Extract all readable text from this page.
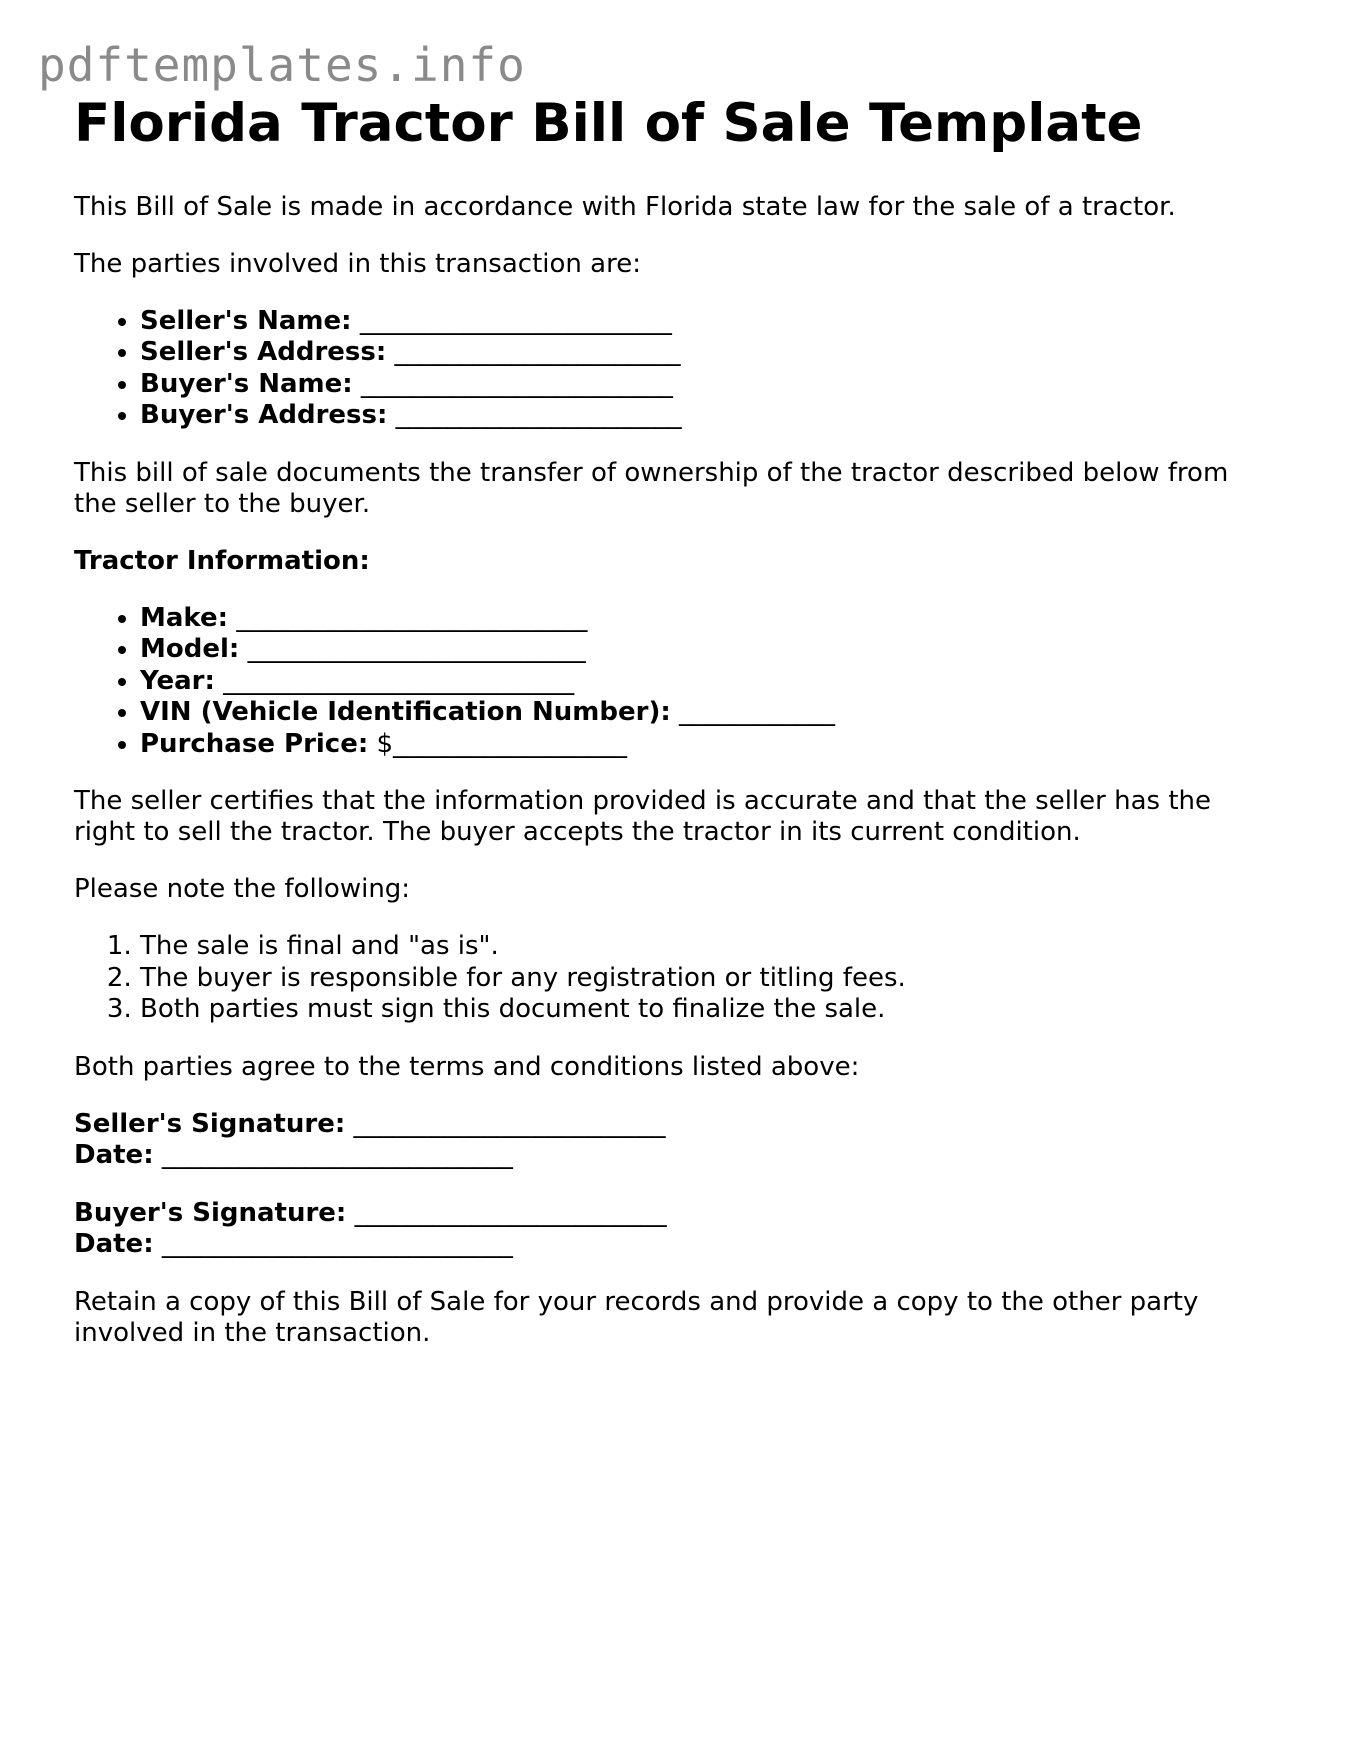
pdftemplates.info
Florida Tractor Bill of Sale Template

This Bill of Sale is made in accordance with Florida state law for the sale of a tractor.

The parties involved in this transaction are:

• Seller's Name: ________________________
• Seller's Address: ______________________
• Buyer's Name: ________________________
• Buyer's Address: ______________________

This bill of sale documents the transfer of ownership of the tractor described below from the seller to the buyer.

Tractor Information:

• Make: ___________________________
• Model: __________________________
• Year: ___________________________
• VIN (Vehicle Identification Number): ____________
• Purchase Price: $__________________

The seller certifies that the information provided is accurate and that the seller has the right to sell the tractor. The buyer accepts the tractor in its current condition.

Please note the following:

1. The sale is final and "as is".
2. The buyer is responsible for any registration or titling fees.
3. Both parties must sign this document to finalize the sale.

Both parties agree to the terms and conditions listed above:

Seller's Signature: ________________________
Date: ___________________________
Buyer's Signature: ________________________
Date: ___________________________

Retain a copy of this Bill of Sale for your records and provide a copy to the other party involved in the transaction.
